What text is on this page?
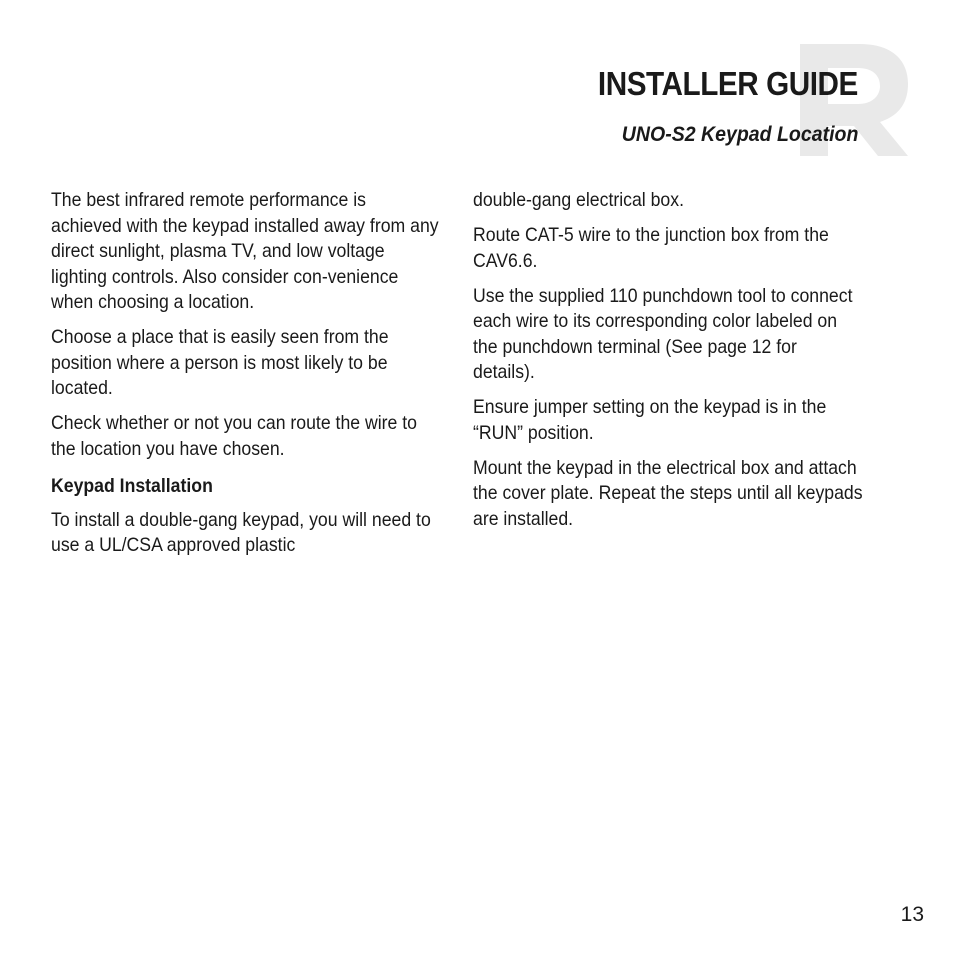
INSTALLER GUIDE
UNO-S2 Keypad Location

The best infrared remote performance is achieved with the keypad installed away from any direct sunlight, plasma TV, and low voltage lighting controls. Also consider con-venience when choosing a location.

Choose a place that is easily seen from the position where a person is most likely to be located.

Check whether or not you can route the wire to the location you have chosen.

Keypad Installation

To install a double-gang keypad, you will need to use a UL/CSA approved plastic

double-gang electrical box.

Route CAT-5 wire to the junction box from the CAV6.6.

Use the supplied 110 punchdown tool to connect each wire to its corresponding color labeled on the punchdown terminal (See page 12 for details).

Ensure jumper setting on the keypad is in the “RUN” position.

Mount the keypad in the electrical box and attach the cover plate. Repeat the steps until all keypads are installed.

13
